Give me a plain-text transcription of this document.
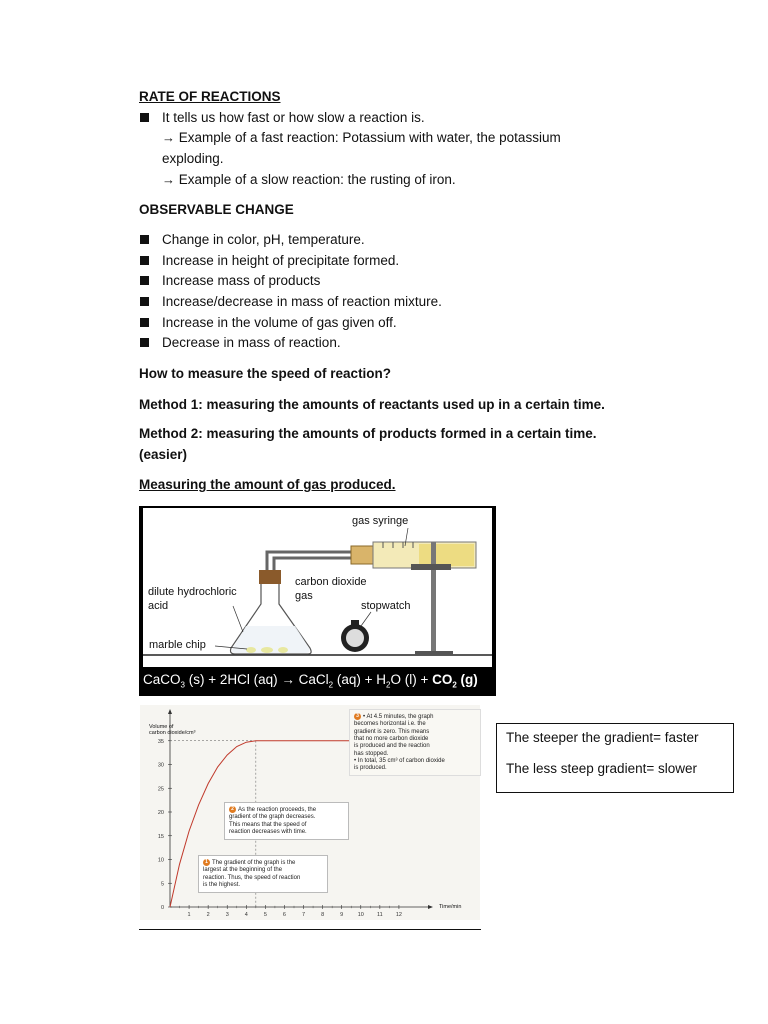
RATE OF REACTIONS
It tells us how fast or how slow a reaction is.
→ Example of a fast reaction: Potassium with water, the potassium
exploding.
→ Example of a slow reaction: the rusting of iron.
OBSERVABLE CHANGE
Change in color, pH, temperature.
Increase in height of precipitate formed.
Increase mass of products
Increase/decrease in mass of reaction mixture.
Increase in the volume of gas given off.
Decrease in mass of reaction.
How to measure the speed of reaction?
Method 1: measuring the amounts of reactants used up in a certain time.
Method 2: measuring the amounts of products formed in a certain time.
(easier)
Measuring the amount of gas produced.
gas syringe
dilute hydrochloric
acid
carbon dioxide
gas
stopwatch
marble chip
CaCO$_3$ (s) + 2HCl (aq) → CaCl$_2$ $(aq) + H_2O$ $(l) + CO_2$ (g)
0
5
10
15
20
25
30
35
1	2	3	4	5	6	7	8	9	10 11 12
Volume of
carbon dioxide/cm³
Time/min
1 The gradient of the graph is the
largest at the beginning of the
reaction. Thus, the speed of reaction
is the highest.
2 As the reaction proceeds, the
gradient of the graph decreases.
This means that the speed of
reaction decreases with time.
3 • At 4.5 minutes, the graph
becomes horizontal i.e. the
gradient is zero. This means
that no more carbon dioxide
is produced and the reaction
has stopped.
• In total, 35 cm³ of carbon dioxide
is produced.
The steeper the gradient= faster
The less steep gradient= slower
